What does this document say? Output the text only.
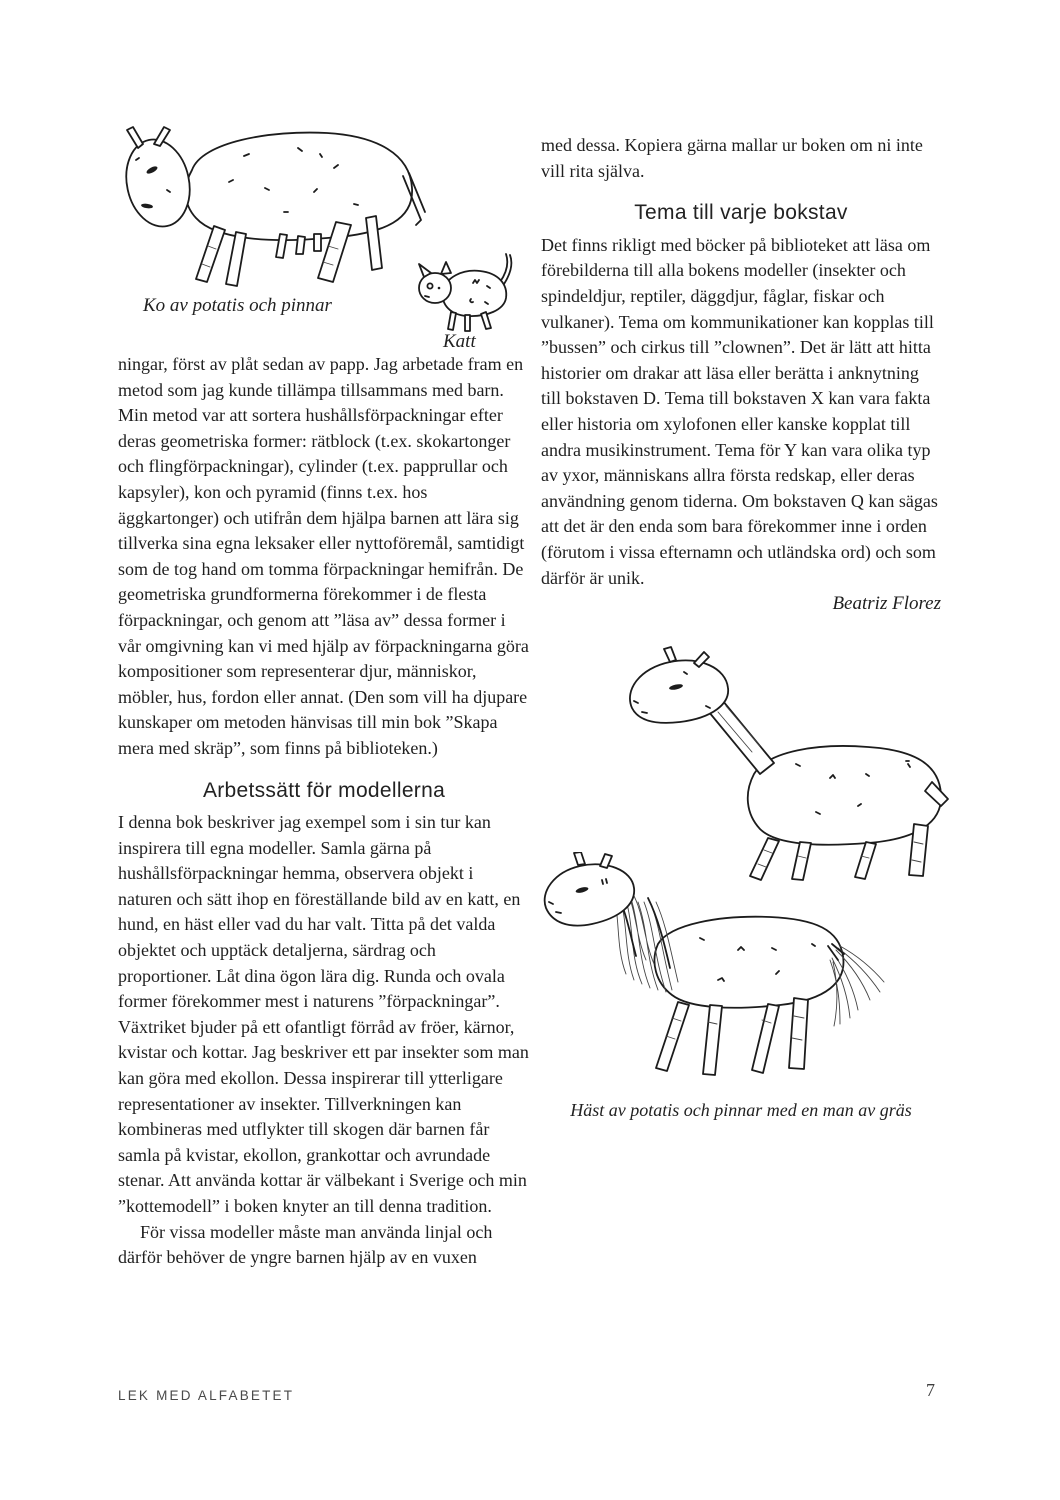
Ko av potatis och pinnar
Katt

ningar, först av plåt sedan av papp. Jag arbetade fram en metod som jag kunde tillämpa tillsammans med barn. Min metod var att sortera hushållsförpackningar efter deras geometriska former: rätblock (t.ex. skokartonger och flingförpackningar), cylinder (t.ex. papprullar och kapsyler), kon och pyramid (finns t.ex. hos äggkartonger) och utifrån dem hjälpa barnen att lära sig tillverka sina egna leksaker eller nyttoföremål, samtidigt som de tog hand om tomma förpackningar hemifrån. De geometriska grundformerna förekommer i de flesta förpackningar, och genom att ”läsa av” dessa former i vår omgivning kan vi med hjälp av förpackningarna göra kompositioner som representerar djur, människor, möbler, hus, fordon eller annat. (Den som vill ha djupare kunskaper om metoden hänvisas till min bok ”Skapa mera med skräp”, som finns på biblioteken.)

Arbetssätt för modellerna

I denna bok beskriver jag exempel som i sin tur kan inspirera till egna modeller. Samla gärna på hushållsförpackningar hemma, observera objekt i naturen och sätt ihop en föreställande bild av en katt, en hund, en häst eller vad du har valt. Titta på det valda objektet och upptäck detaljerna, särdrag och proportioner. Låt dina ögon lära dig. Runda och ovala former förekommer mest i naturens ”förpackningar”. Växtriket bjuder på ett ofantligt förråd av fröer, kärnor, kvistar och kottar. Jag beskriver ett par insekter som man kan göra med ekollon. Dessa inspirerar till ytterligare representationer av insekter. Tillverkningen kan kombineras med utflykter till skogen där barnen får samla på kvistar, ekollon, grankottar och avrundade stenar. Att använda kottar är välbekant i Sverige och min ”kottemodell” i boken knyter an till denna tradition.

För vissa modeller måste man använda linjal och därför behöver de yngre barnen hjälp av en vuxen

med dessa. Kopiera gärna mallar ur boken om ni inte vill rita själva.

Tema till varje bokstav

Det finns rikligt med böcker på biblioteket att läsa om förebilderna till alla bokens modeller (insekter och spindeldjur, reptiler, däggdjur, fåglar, fiskar och vulkaner). Tema om kommunikationer kan kopplas till ”bussen” och cirkus till ”clownen”. Det är lätt att hitta historier om drakar att läsa eller berätta i anknytning till bokstaven D. Tema till bokstaven X kan vara fakta eller historia om xylofonen eller kanske kopplat till andra musikinstrument. Tema för Y kan vara olika typ av yxor, människans allra första redskap, eller deras användning genom tiderna. Om bokstaven Q kan sägas att det är den enda som bara förekommer inne i orden (förutom i vissa efternamn och utländska ord) och som därför är unik.

Beatriz Florez

Häst av potatis och pinnar med en man av gräs
LEK MED ALFABETET	7
